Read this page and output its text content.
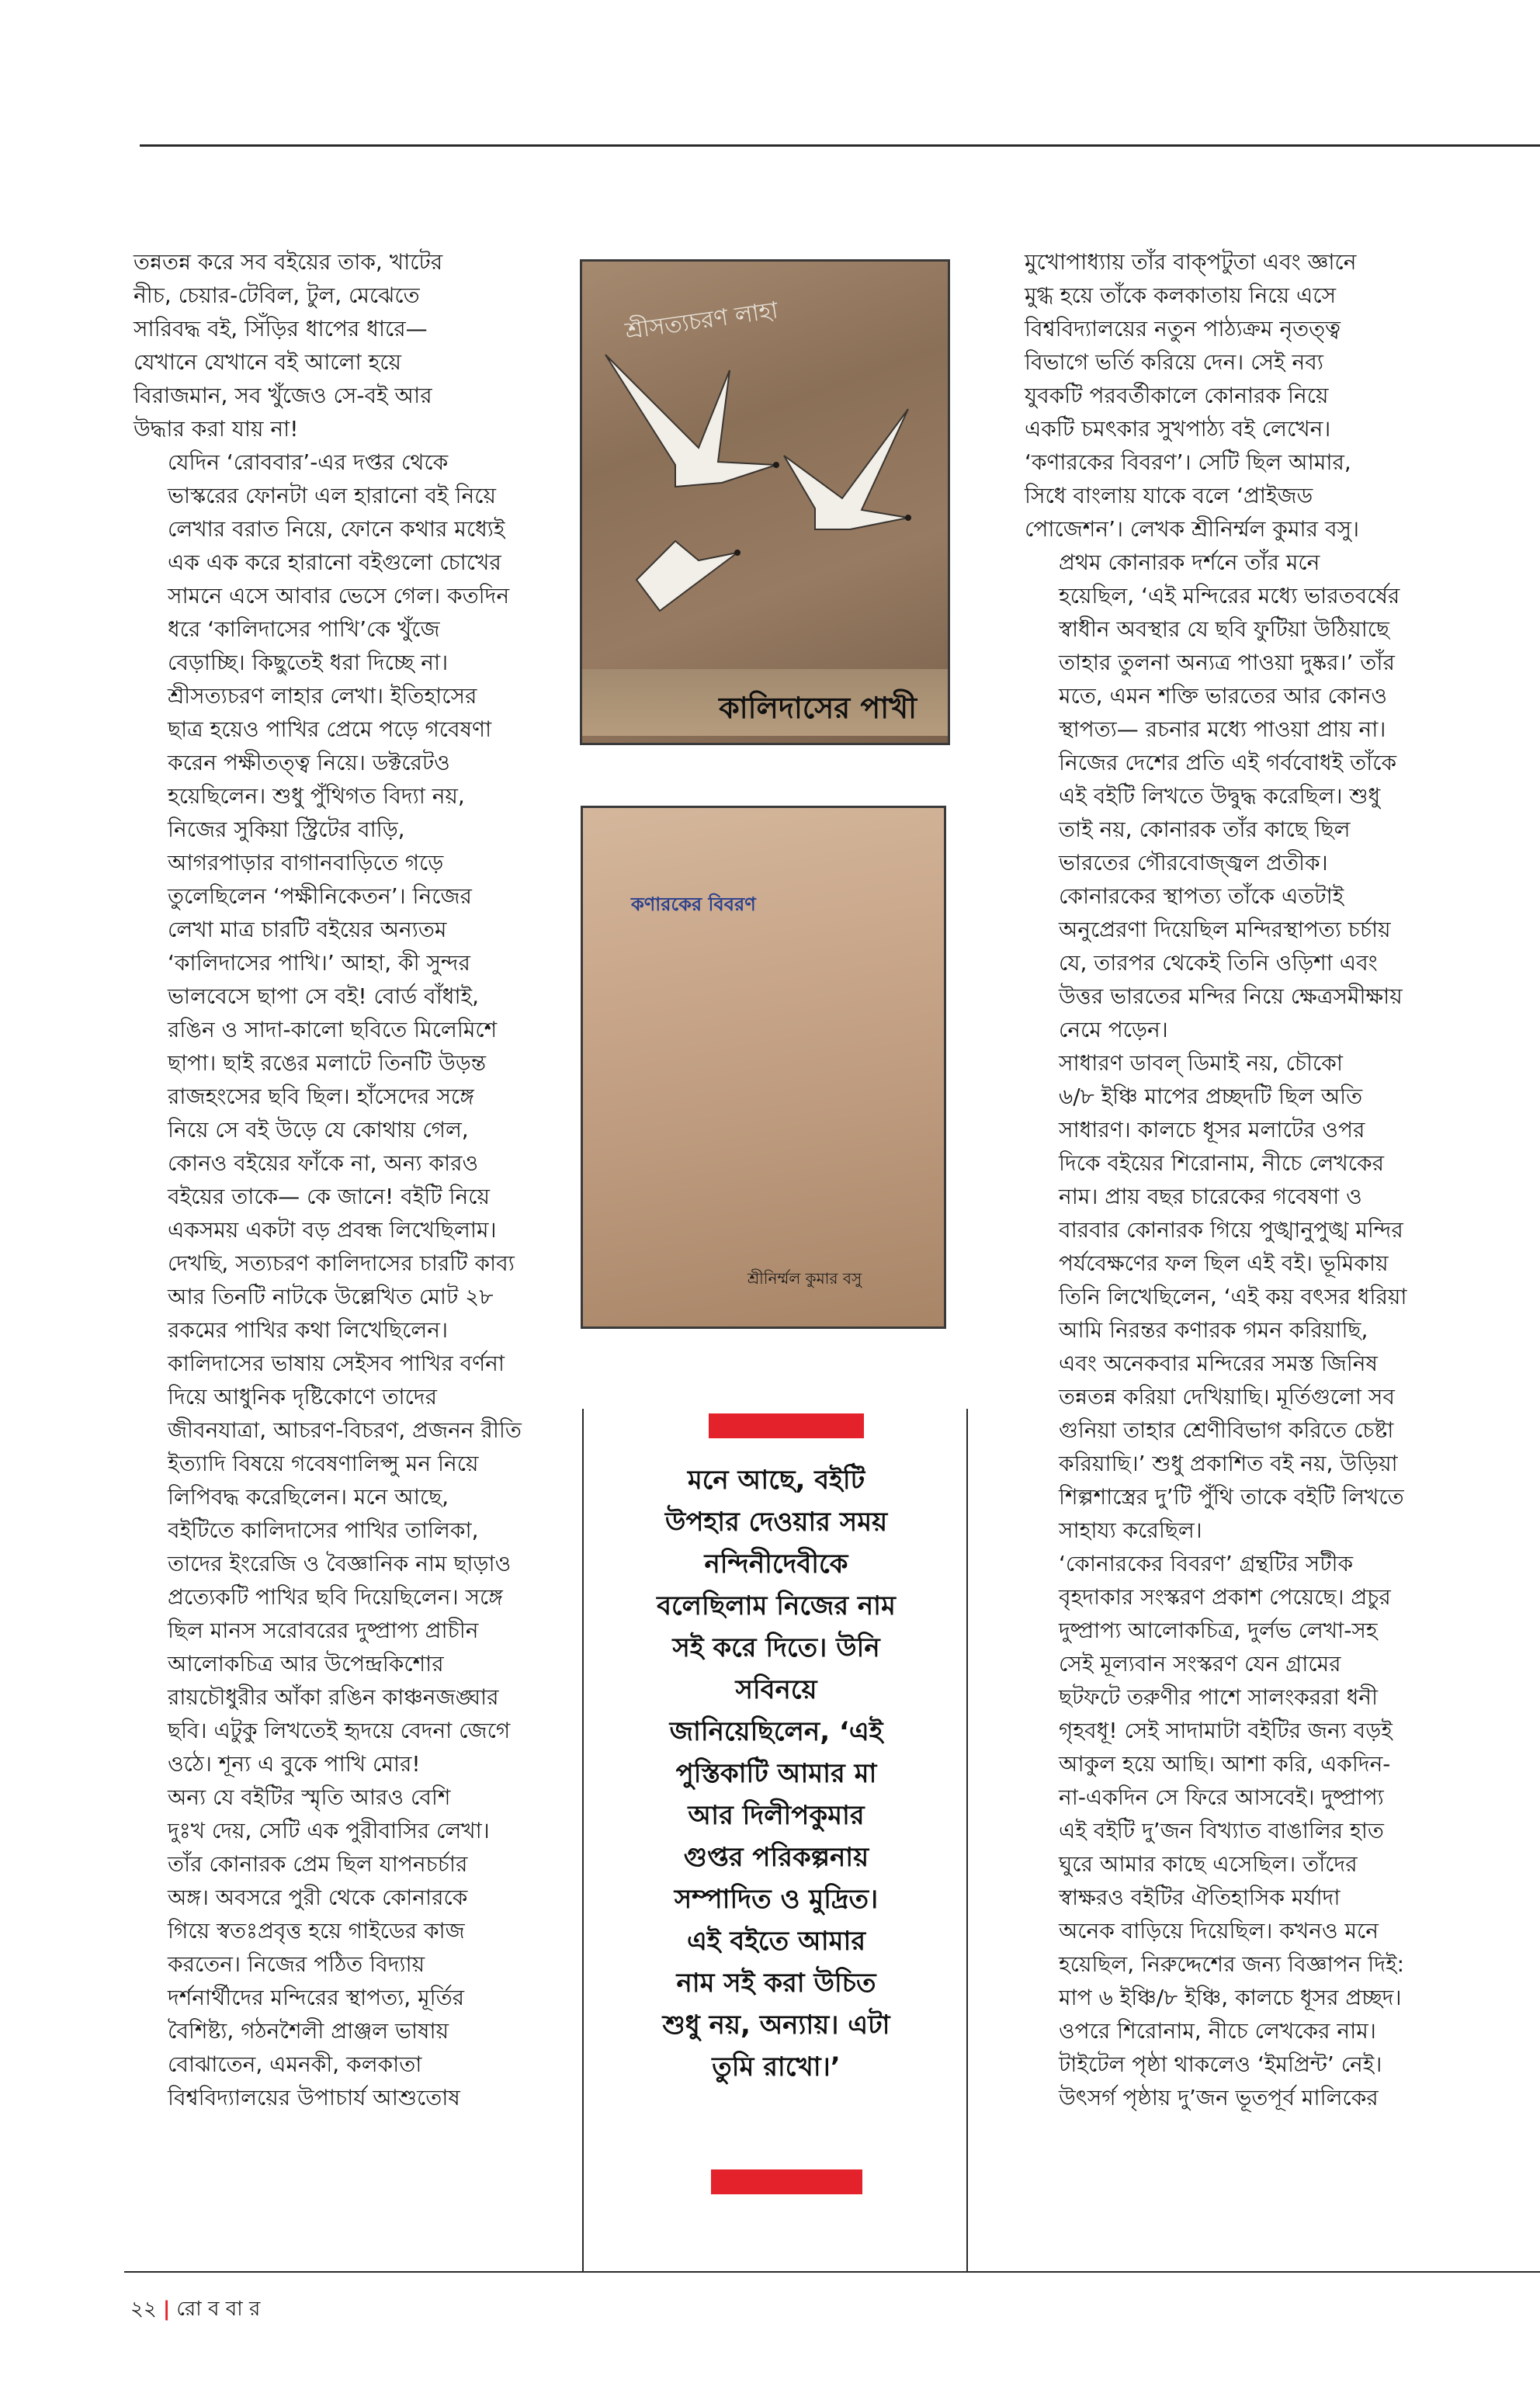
তন্নতন্ন করে সব বইয়ের তাক, খাটের
নীচ, চেয়ার-টেবিল, টুল, মেঝেতে
সারিবদ্ধ বই, সিঁড়ির ধাপের ধারে—
যেখানে যেখানে বই আলো হয়ে
বিরাজমান, সব খুঁজেও সে-বই আর
উদ্ধার করা যায় না!

যেদিন ‘রোববার’-এর দপ্তর থেকে
ভাস্করের ফোনটা এল হারানো বই নিয়ে
লেখার বরাত নিয়ে, ফোনে কথার মধ্যেই
এক এক করে হারানো বইগুলো চোখের
সামনে এসে আবার ভেসে গেল। কতদিন
ধরে ‘কালিদাসের পাখি’কে খুঁজে
বেড়াচ্ছি। কিছুতেই ধরা দিচ্ছে না।
শ্রীসত্যচরণ লাহার লেখা। ইতিহাসের
ছাত্র হয়েও পাখির প্রেমে পড়ে গবেষণা
করেন পক্ষীতত্ত্ব নিয়ে। ডক্টরেটও
হয়েছিলেন। শুধু পুঁথিগত বিদ্যা নয়,
নিজের সুকিয়া স্ট্রিটের বাড়ি,
আগরপাড়ার বাগানবাড়িতে গড়ে
তুলেছিলেন ‘পক্ষীনিকেতন’। নিজের
লেখা মাত্র চারটি বইয়ের অন্যতম
‘কালিদাসের পাখি।’ আহা, কী সুন্দর
ভালবেসে ছাপা সে বই! বোর্ড বাঁধাই,
রঙিন ও সাদা-কালো ছবিতে মিলেমিশে
ছাপা। ছাই রঙের মলাটে তিনটি উড়ন্ত
রাজহংসের ছবি ছিল। হাঁসেদের সঙ্গে
নিয়ে সে বই উড়ে যে কোথায় গেল,
কোনও বইয়ের ফাঁকে না, অন্য কারও
বইয়ের তাকে— কে জানে! বইটি নিয়ে
একসময় একটা বড় প্রবন্ধ লিখেছিলাম।
দেখছি, সত্যচরণ কালিদাসের চারটি কাব্য
আর তিনটি নাটকে উল্লেখিত মোট ২৮
রকমের পাখির কথা লিখেছিলেন।
কালিদাসের ভাষায় সেইসব পাখির বর্ণনা
দিয়ে আধুনিক দৃষ্টিকোণে তাদের
জীবনযাত্রা, আচরণ-বিচরণ, প্রজনন রীতি
ইত্যাদি বিষয়ে গবেষণালিপ্সু মন নিয়ে
লিপিবদ্ধ করেছিলেন। মনে আছে,
বইটিতে কালিদাসের পাখির তালিকা,
তাদের ইংরেজি ও বৈজ্ঞানিক নাম ছাড়াও
প্রত্যেকটি পাখির ছবি দিয়েছিলেন। সঙ্গে
ছিল মানস সরোবরের দুষ্প্রাপ্য প্রাচীন
আলোকচিত্র আর উপেন্দ্রকিশোর
রায়চৌধুরীর আঁকা রঙিন কাঞ্চনজঙ্ঘার
ছবি। এটুকু লিখতেই হৃদয়ে বেদনা জেগে
ওঠে। শূন্য এ বুকে পাখি মোর!

অন্য যে বইটির স্মৃতি আরও বেশি
দুঃখ দেয়, সেটি এক পুরীবাসির লেখা।
তাঁর কোনারক প্রেম ছিল যাপনচর্চার
অঙ্গ। অবসরে পুরী থেকে কোনারকে
গিয়ে স্বতঃপ্রবৃত্ত হয়ে গাইডের কাজ
করতেন। নিজের পঠিত বিদ্যায়
দর্শনার্থীদের মন্দিরের স্থাপত্য, মূর্তির
বৈশিষ্ট্য, গঠনশৈলী প্রাঞ্জল ভাষায়
বোঝাতেন, এমনকী, কলকাতা
বিশ্ববিদ্যালয়ের উপাচার্য আশুতোষ

শ্রীসত্যচরণ লাহা
কালিদাসের পাখী
কণারকের বিবরণ
শ্রীনির্ম্মল কুমার বসু
মনে আছে, বইটি
উপহার দেওয়ার সময়
নন্দিনীদেবীকে
বলেছিলাম নিজের নাম
সই করে দিতে। উনি
সবিনয়ে
জানিয়েছিলেন, ‘এই
পুস্তিকাটি আমার মা
আর দিলীপকুমার
গুপ্তর পরিকল্পনায়
সম্পাদিত ও মুদ্রিত।
এই বইতে আমার
নাম সই করা উচিত
শুধু নয়, অন্যায়। এটা
তুমি রাখো।’

মুখোপাধ্যায় তাঁর বাক্‌পটুতা এবং জ্ঞানে
মুগ্ধ হয়ে তাঁকে কলকাতায় নিয়ে এসে
বিশ্ববিদ্যালয়ের নতুন পাঠ্যক্রম নৃতত্ত্ব
বিভাগে ভর্তি করিয়ে দেন। সেই নব্য
যুবকটি পরবর্তীকালে কোনারক নিয়ে
একটি চমৎকার সুখপাঠ্য বই লেখেন।
‘কণারকের বিবরণ’। সেটি ছিল আমার,
সিধে বাংলায় যাকে বলে ‘প্রাইজড
পোজেশন’। লেখক শ্রীনির্ম্মল কুমার বসু।

প্রথম কোনারক দর্শনে তাঁর মনে
হয়েছিল, ‘এই মন্দিরের মধ্যে ভারতবর্ষের
স্বাধীন অবস্থার যে ছবি ফুটিয়া উঠিয়াছে
তাহার তুলনা অন্যত্র পাওয়া দুষ্কর।’ তাঁর
মতে, এমন শক্তি ভারতের আর কোনও
স্থাপত্য— রচনার মধ্যে পাওয়া প্রায় না।
নিজের দেশের প্রতি এই গর্ববোধই তাঁকে
এই বইটি লিখতে উদ্বুদ্ধ করেছিল। শুধু
তাই নয়, কোনারক তাঁর কাছে ছিল
ভারতের গৌরবোজ্জ্বল প্রতীক।
কোনারকের স্থাপত্য তাঁকে এতটাই
অনুপ্রেরণা দিয়েছিল মন্দিরস্থাপত্য চর্চায়
যে, তারপর থেকেই তিনি ওড়িশা এবং
উত্তর ভারতের মন্দির নিয়ে ক্ষেত্রসমীক্ষায়
নেমে পড়েন।

সাধারণ ডাবল্ ডিমাই নয়, চৌকো
৬/৮ ইঞ্চি মাপের প্রচ্ছদটি ছিল অতি
সাধারণ। কালচে ধূসর মলাটের ওপর
দিকে বইয়ের শিরোনাম, নীচে লেখকের
নাম। প্রায় বছর চারেকের গবেষণা ও
বারবার কোনারক গিয়ে পুঙ্খানুপুঙ্খ মন্দির
পর্যবেক্ষণের ফল ছিল এই বই। ভূমিকায়
তিনি লিখেছিলেন, ‘এই কয় বৎসর ধরিয়া
আমি নিরন্তর কণারক গমন করিয়াছি,
এবং অনেকবার মন্দিরের সমস্ত জিনিষ
তন্নতন্ন করিয়া দেখিয়াছি। মূর্তিগুলো সব
গুনিয়া তাহার শ্রেণীবিভাগ করিতে চেষ্টা
করিয়াছি।’ শুধু প্রকাশিত বই নয়, উড়িয়া
শিল্পশাস্ত্রের দু’টি পুঁথি তাকে বইটি লিখতে
সাহায্য করেছিল।

‘কোনারকের বিবরণ’ গ্রন্থটির সটীক
বৃহদাকার সংস্করণ প্রকাশ পেয়েছে। প্রচুর
দুষ্প্রাপ্য আলোকচিত্র, দুর্লভ লেখা-সহ
সেই মূল্যবান সংস্করণ যেন গ্রামের
ছটফটে তরুণীর পাশে সালংকররা ধনী
গৃহবধূ! সেই সাদামাটা বইটির জন্য বড়ই
আকুল হয়ে আছি। আশা করি, একদিন-
না-একদিন সে ফিরে আসবেই। দুষ্প্রাপ্য
এই বইটি দু’জন বিখ্যাত বাঙালির হাত
ঘুরে আমার কাছে এসেছিল। তাঁদের
স্বাক্ষরও বইটির ঐতিহাসিক মর্যাদা
অনেক বাড়িয়ে দিয়েছিল। কখনও মনে
হয়েছিল, নিরুদ্দেশের জন্য বিজ্ঞাপন দিই:
মাপ ৬ ইঞ্চি/৮ ইঞ্চি, কালচে ধূসর প্রচ্ছদ।
ওপরে শিরোনাম, নীচে লেখকের নাম।
টাইটেল পৃষ্ঠা থাকলেও ‘ইমপ্রিন্ট’ নেই।
উৎসর্গ পৃষ্ঠায় দু’জন ভূতপূর্ব মালিকের

২২ | রো ব বা র
